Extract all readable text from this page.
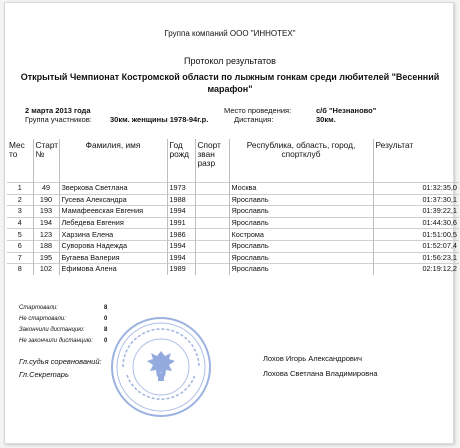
Группа компаний ООО "ИННОТЕХ"
Протокол результатов
Открытый Чемпионат Костромской области по лыжным гонкам среди любителей "Весенний марафон"
2 марта 2013 года
Группа участников: 30км. женщины 1978-94г.р.
Место проведения:	с/б "Незнаново"
Дистанция:	30км.
Мес то	Старт №	Фамилия, имя	Год рожд	Спорт зван разр	Республика, область, город, спортклуб	Результат
1	49	Зверкова Светлана	1973		Москва	01:32:35,0
2	190	Гусева Александра	1988		Ярославль	01:37:30,1
3	193	Мамафеевская Евгения	1994		Ярославль	01:39:22,1
4	194	Лебедева Евгения	1991		Ярославль	01:44:30,6
5	123	Харзина Елена	1986		Кострома	01:51:00,5
6	188	Суворова Надежда	1994		Ярославль	01:52:07,4
7	195	Бугаева Валерия	1994		Ярославль	01:56:23,1
8	102	Ефимова Алена	1989		Ярославль	02:19:12,2
Стартовали:	8
Не стартовали:	0
Закончили дистанцию:	8
Не закончили дистанцию: 0
Гл.судья соревнований:	Лохов Игорь Александрович
Гл.Секретарь	Лохова Светлана Владимировна
